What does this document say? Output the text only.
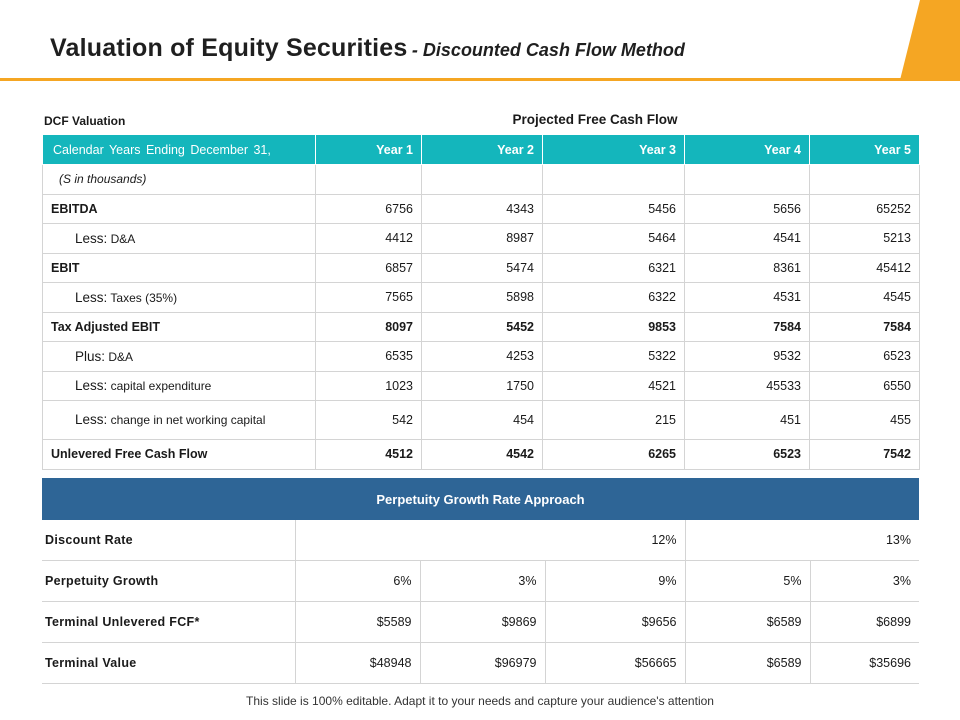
Valuation of Equity Securities - Discounted Cash Flow Method
DCF Valuation	Projected Free Cash Flow
Calendar Years Ending December 31,	Year 1	Year 2	Year 3	Year 4	Year 5
(S in thousands)					
EBITDA	6756	4343	5456	5656	65252
Less: D&A	4412	8987	5464	4541	5213
EBIT	6857	5474	6321	8361	45412
Less: Taxes (35%)	7565	5898	6322	4531	4545
Tax Adjusted EBIT	8097	5452	9853	7584	7584
Plus: D&A	6535	4253	5322	9532	6523
Less: capital expenditure	1023	1750	4521	45533	6550
Less: change in net working capital	542	454	215	451	455
Unlevered Free Cash Flow	4512	4542	6265	6523	7542
Perpetuity Growth Rate Approach					
Discount Rate	12%			13%	
Perpetuity Growth	6%	3%	9%	5%	3%
Terminal Unlevered FCF*	$5589	$9869	$9656	$6589	$6899
Terminal Value	$48948	$96979	$56665	$6589	$35696
This slide is 100% editable. Adapt it to your needs and capture your audience's attention
